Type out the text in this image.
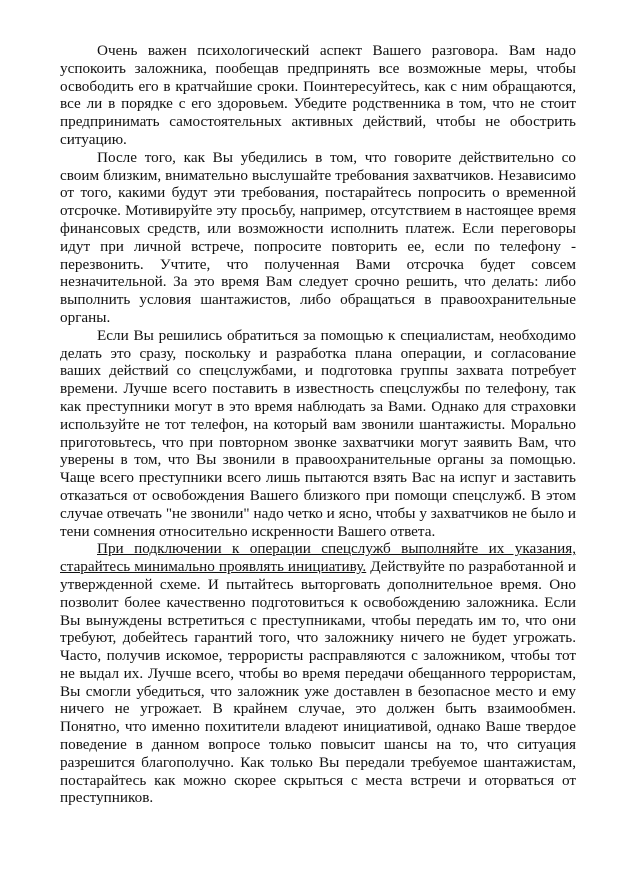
Очень важен психологический аспект Вашего разговора. Вам надо успокоить заложника, пообещав предпринять все возможные меры, чтобы освободить его в кратчайшие сроки. Поинтересуйтесь, как с ним обращаются, все ли в порядке с его здоровьем. Убедите родственника в том, что не стоит предпринимать самостоятельных активных действий, чтобы не обострить ситуацию.

После того, как Вы убедились в том, что говорите действительно со своим близким, внимательно выслушайте требования захватчиков. Независимо от того, какими будут эти требования, постарайтесь попросить о временной отсрочке. Мотивируйте эту просьбу, например, отсутствием в настоящее время финансовых средств, или возможности исполнить платеж. Если переговоры идут при личной встрече, попросите повторить ее, если по телефону - перезвонить. Учтите, что полученная Вами отсрочка будет совсем незначительной. За это время Вам следует срочно решить, что делать: либо выполнить условия шантажистов, либо обращаться в правоохранительные органы.

Если Вы решились обратиться за помощью к специалистам, необходимо делать это сразу, поскольку и разработка плана операции, и согласование ваших действий со спецслужбами, и подготовка группы захвата потребует времени. Лучше всего поставить в известность спецслужбы по телефону, так как преступники могут в это время наблюдать за Вами. Однако для страховки используйте не тот телефон, на который вам звонили шантажисты. Морально приготовьтесь, что при повторном звонке захватчики могут заявить Вам, что уверены в том, что Вы звонили в правоохранительные органы за помощью. Чаще всего преступники всего лишь пытаются взять Вас на испуг и заставить отказаться от освобождения Вашего близкого при помощи спецслужб. В этом случае отвечать "не звонили" надо четко и ясно, чтобы у захватчиков не было и тени сомнения относительно искренности Вашего ответа.

При подключении к операции спецслужб выполняйте их указания, старайтесь минимально проявлять инициативу. Действуйте по разработанной и утвержденной схеме. И пытайтесь выторговать дополнительное время. Оно позволит более качественно подготовиться к освобождению заложника. Если Вы вынуждены встретиться с преступниками, чтобы передать им то, что они требуют, добейтесь гарантий того, что заложнику ничего не будет угрожать. Часто, получив искомое, террористы расправляются с заложником, чтобы тот не выдал их. Лучше всего, чтобы во время передачи обещанного террористам, Вы смогли убедиться, что заложник уже доставлен в безопасное место и ему ничего не угрожает. В крайнем случае, это должен быть взаимообмен. Понятно, что именно похитители владеют инициативой, однако Ваше твердое поведение в данном вопросе только повысит шансы на то, что ситуация разрешится благополучно. Как только Вы передали требуемое шантажистам, постарайтесь как можно скорее скрыться с места встречи и оторваться от преступников.
